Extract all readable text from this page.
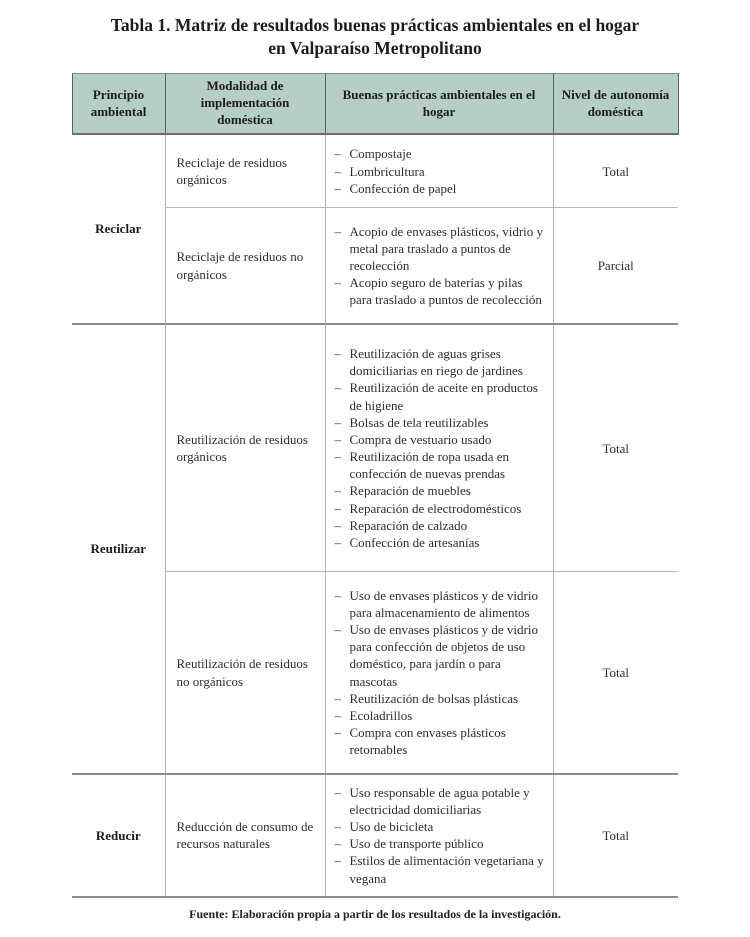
Tabla 1. Matriz de resultados buenas prácticas ambientales en el hogar
en Valparaíso Metropolitano
Principio ambiental	Modalidad de implementación doméstica	Buenas prácticas ambientales en el hogar	Nivel de autonomía doméstica
Reciclar	Reciclaje de residuos orgánicos	
– Compostaje
– Lombricultura
– Confección de papel
	Total
Reciclaje de residuos no orgánicos	
– Acopio de envases plásticos, vidrio y metal para traslado a puntos de recolección
– Acopio seguro de baterías y pilas para traslado a puntos de recolección
	Parcial
Reutilizar	Reutilización de residuos orgánicos	
– Reutilización de aguas grises domiciliarias en riego de jardines
– Reutilización de aceite en productos de higiene
– Bolsas de tela reutilizables
– Compra de vestuario usado
– Reutilización de ropa usada en confección de nuevas prendas
– Reparación de muebles
– Reparación de electrodomésticos
– Reparación de calzado
– Confección de artesanías
	Total
Reutilización de residuos no orgánicos	
– Uso de envases plásticos y de vidrio para almacenamiento de alimentos
– Uso de envases plásticos y de vidrio para confección de objetos de uso doméstico, para jardín o para mascotas
– Reutilización de bolsas plásticas
– Ecoladrillos
– Compra con envases plásticos retornables
	Total
Reducir	Reducción de consumo de recursos naturales	
– Uso responsable de agua potable y electricidad domiciliarias
– Uso de bicicleta
– Uso de transporte público
– Estilos de alimentación vegetariana y vegana
	Total

Fuente: Elaboración propia a partir de los resultados de la investigación.
